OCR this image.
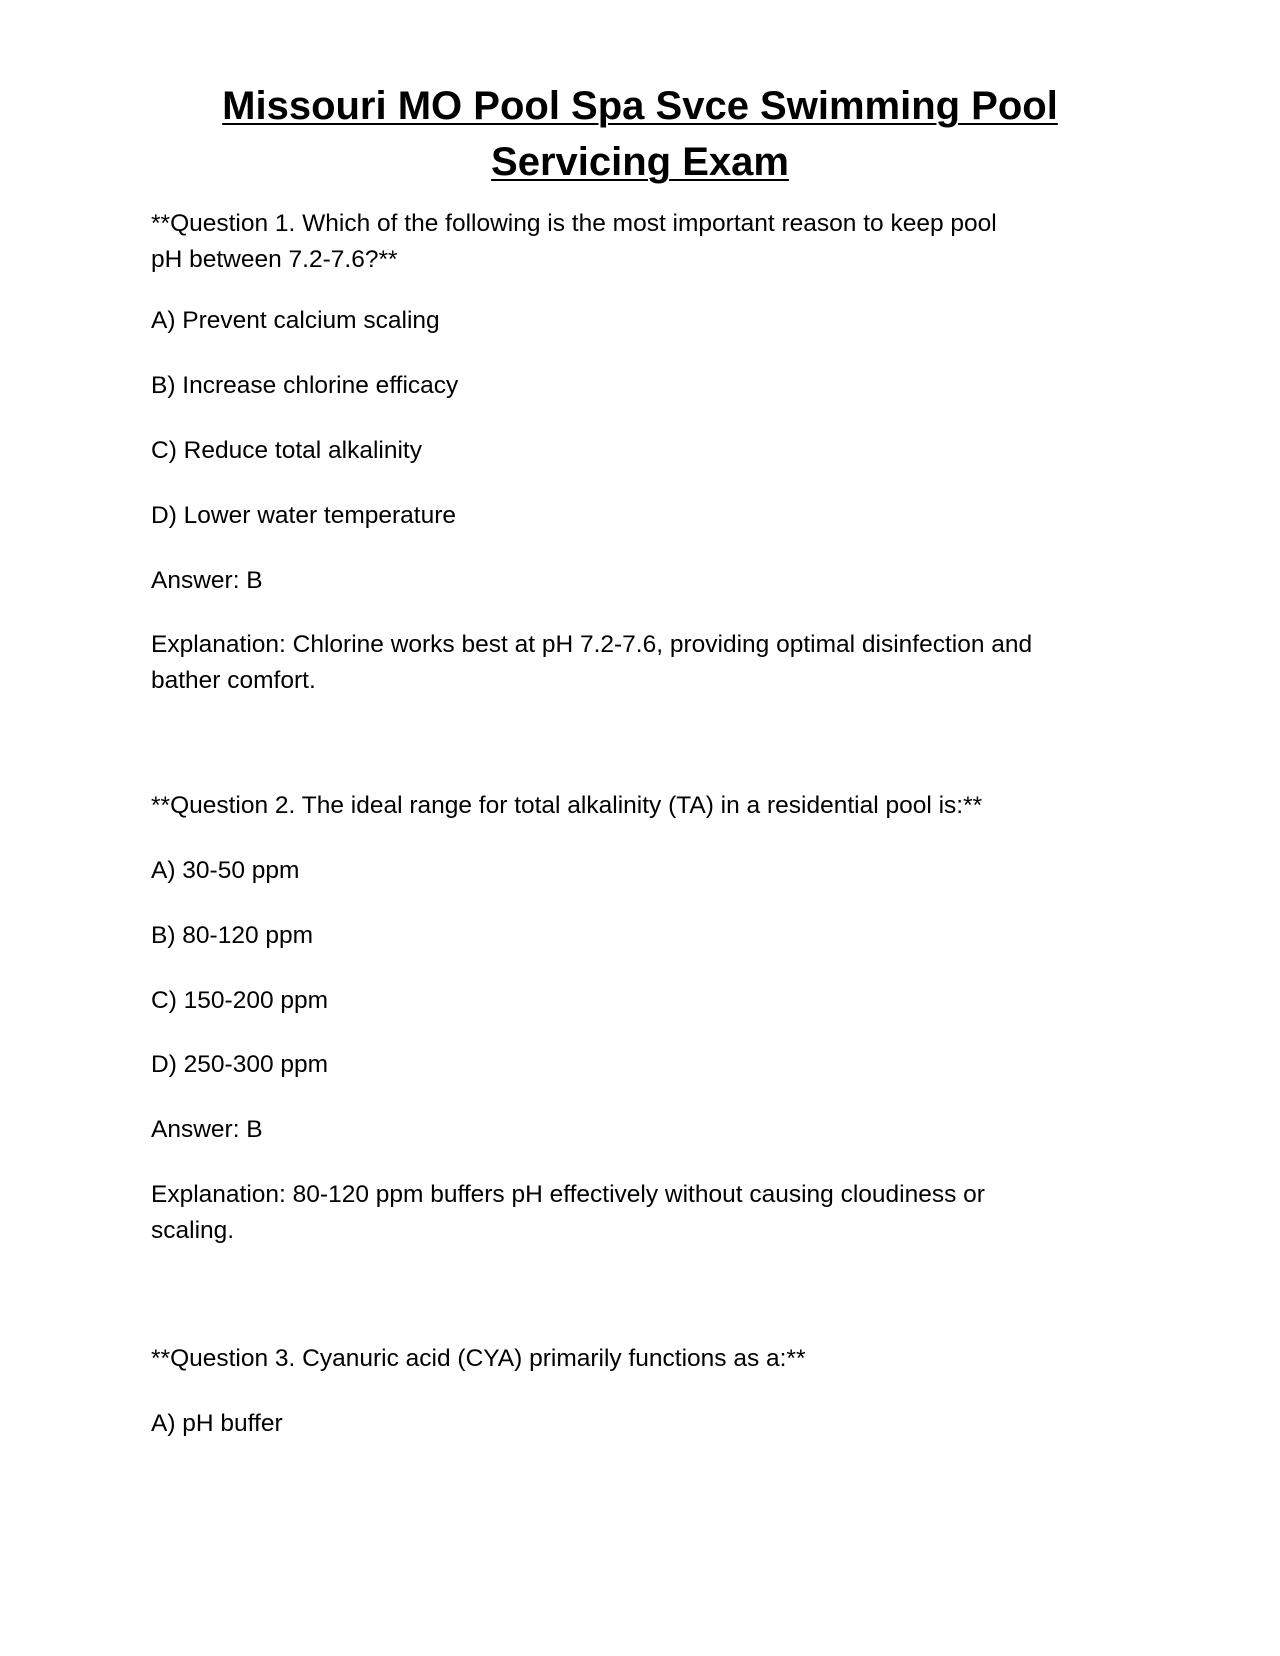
Missouri MO Pool Spa Svce Swimming Pool
Servicing Exam

**Question 1. Which of the following is the most important reason to keep pool

pH between 7.2-7.6?**

A) Prevent calcium scaling

B) Increase chlorine efficacy

C) Reduce total alkalinity

D) Lower water temperature

Answer: B

Explanation: Chlorine works best at pH 7.2-7.6, providing optimal disinfection and

bather comfort.

**Question 2. The ideal range for total alkalinity (TA) in a residential pool is:**

A) 30-50 ppm

B) 80-120 ppm

C) 150-200 ppm

D) 250-300 ppm

Answer: B

Explanation: 80-120 ppm buffers pH effectively without causing cloudiness or

scaling.

**Question 3. Cyanuric acid (CYA) primarily functions as a:**

A) pH buffer
